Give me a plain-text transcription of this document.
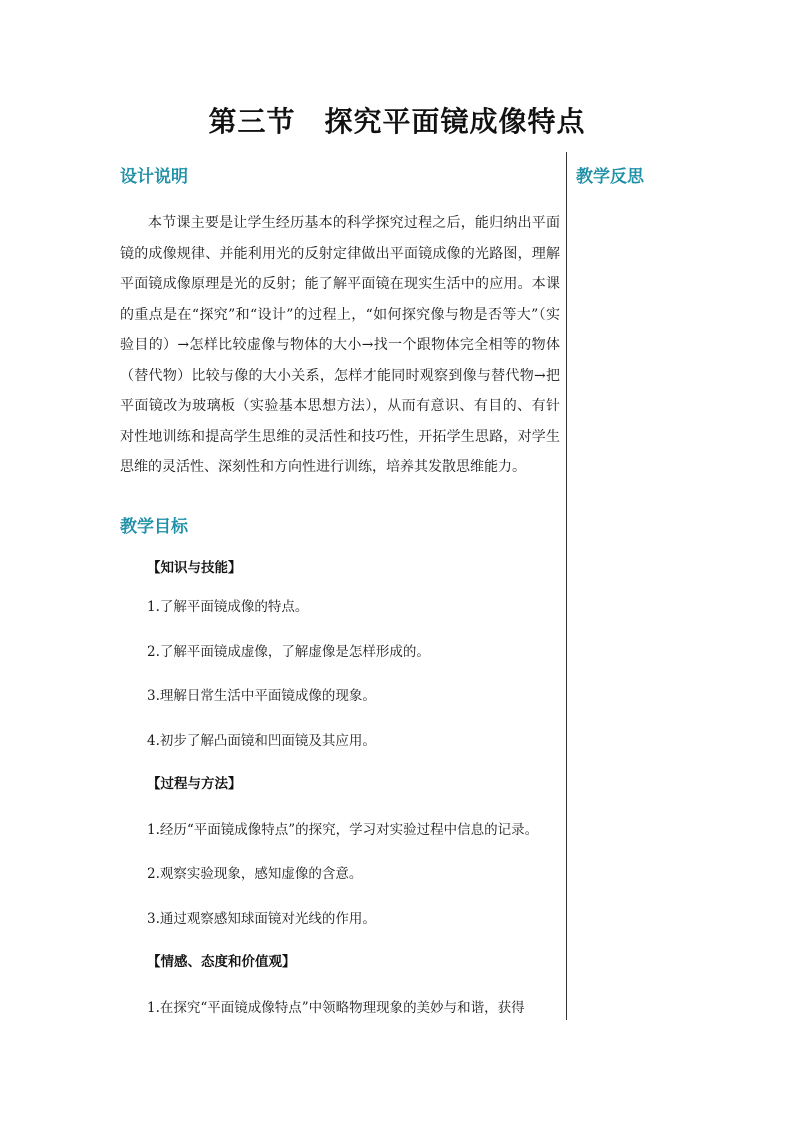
第三节　探究平面镜成像特点
设计说明	教学反思
本节课主要是让学生经历基本的科学探究过程之后，能归纳出平面镜的成像规律、并能利用光的反射定律做出平面镜成像的光路图，理解平面镜成像原理是光的反射；能了解平面镜在现实生活中的应用。本课的重点是在“探究”和“设计”的过程上，“如何探究像与物是否等大”（实验目的）→怎样比较虚像与物体的大小→找一个跟物体完全相等的物体（替代物）比较与像的大小关系，怎样才能同时观察到像与替代物→把平面镜改为玻璃板（实验基本思想方法），从而有意识、有目的、有针对性地训练和提高学生思维的灵活性和技巧性，开拓学生思路，对学生思维的灵活性、深刻性和方向性进行训练，培养其发散思维能力。
教学目标
【知识与技能】
1.了解平面镜成像的特点。
2.了解平面镜成虚像，了解虚像是怎样形成的。
3.理解日常生活中平面镜成像的现象。
4.初步了解凸面镜和凹面镜及其应用。
【过程与方法】
1.经历“平面镜成像特点”的探究，学习对实验过程中信息的记录。
2.观察实验现象，感知虚像的含意。
3.通过观察感知球面镜对光线的作用。
【情感、态度和价值观】
1.在探究“平面镜成像特点”中领略物理现象的美妙与和谐，获得
